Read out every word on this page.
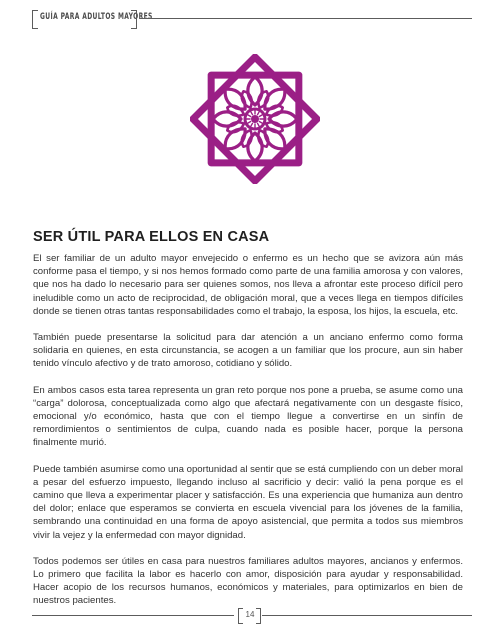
GUÍA PARA ADULTOS MAYORES
SER ÚTIL PARA ELLOS EN CASA

El ser familiar de un adulto mayor envejecido o enfermo es un hecho que se avizora aún más conforme pasa el tiempo, y si nos hemos formado como parte de una familia amorosa y con valores, que nos ha dado lo necesario para ser quienes somos, nos lleva a afrontar este proceso difícil pero ineludible como un acto de reciprocidad, de obligación moral, que a veces llega en tiempos difíciles donde se tienen otras tantas responsabilidades como el trabajo, la esposa, los hijos, la escuela, etc.

También puede presentarse la solicitud para dar atención a un anciano enfermo como forma solidaria en quienes, en esta circunstancia, se acogen a un familiar que los procure, aun sin haber tenido vínculo afectivo y de trato amoroso, cotidiano y sólido.

En ambos casos esta tarea representa un gran reto porque nos pone a prueba, se asume como una “carga” dolorosa, conceptualizada como algo que afectará negativamente con un desgaste físico, emocional y/o económico, hasta que con el tiempo llegue a convertirse en un sinfín de remordimientos o sentimientos de culpa, cuando nada es posible hacer, porque la persona finalmente murió.

Puede también asumirse como una oportunidad al sentir que se está cumpliendo con un deber moral a pesar del esfuerzo impuesto, llegando incluso al sacrificio y decir: valió la pena porque es el camino que lleva a experimentar placer y satisfacción. Es una experiencia que humaniza aun dentro del dolor; enlace que esperamos se convierta en escuela vivencial para los jóvenes de la familia, sembrando una continuidad en una forma de apoyo asistencial, que permita a todos sus miembros vivir la vejez y la enfermedad con mayor dignidad.

Todos podemos ser útiles en casa para nuestros familiares adultos mayores, ancianos y enfermos. Lo primero que facilita la labor es hacerlo con amor, disposición para ayudar y responsabilidad. Hacer acopio de los recursos humanos, económicos y materiales, para optimizarlos en bien de nuestros pacientes.

14
